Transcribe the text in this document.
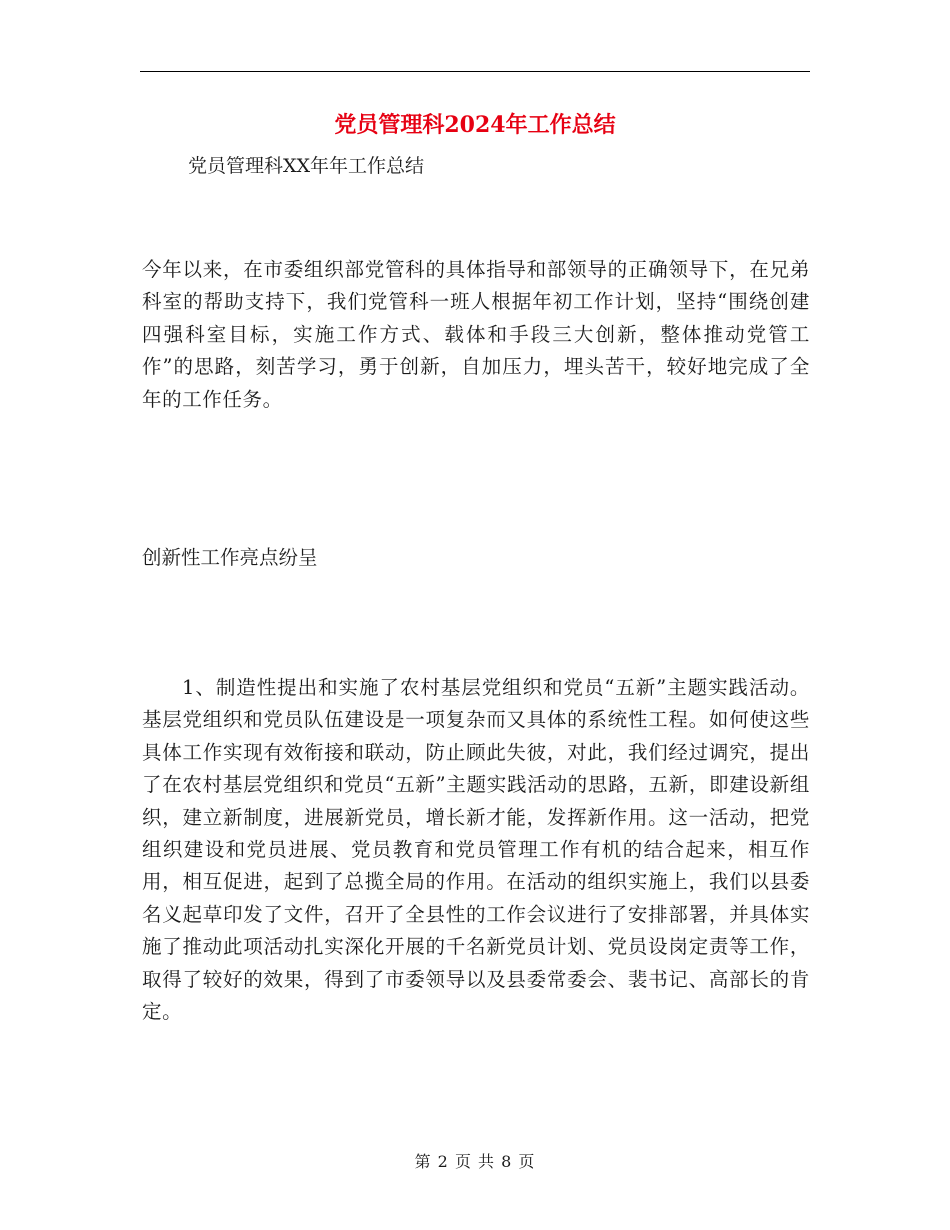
党员管理科2024年工作总结

党员管理科XX年年工作总结

今年以来，在市委组织部党管科的具体指导和部领导的正确领导下，在兄弟科室的帮助支持下，我们党管科一班人根据年初工作计划，坚持“围绕创建四强科室目标，实施工作方式、载体和手段三大创新，整体推动党管工作”的思路，刻苦学习，勇于创新，自加压力，埋头苦干，较好地完成了全年的工作任务。

创新性工作亮点纷呈

1、制造性提出和实施了农村基层党组织和党员“五新”主题实践活动。基层党组织和党员队伍建设是一项复杂而又具体的系统性工程。如何使这些具体工作实现有效衔接和联动，防止顾此失彼，对此，我们经过调究，提出了在农村基层党组织和党员“五新”主题实践活动的思路，五新，即建设新组织，建立新制度，进展新党员，增长新才能，发挥新作用。这一活动，把党组织建设和党员进展、党员教育和党员管理工作有机的结合起来，相互作用，相互促进，起到了总揽全局的作用。在活动的组织实施上，我们以县委名义起草印发了文件，召开了全县性的工作会议进行了安排部署，并具体实施了推动此项活动扎实深化开展的千名新党员计划、党员设岗定责等工作，取得了较好的效果，得到了市委领导以及县委常委会、裴书记、高部长的肯定。

第 2 页 共 8 页
